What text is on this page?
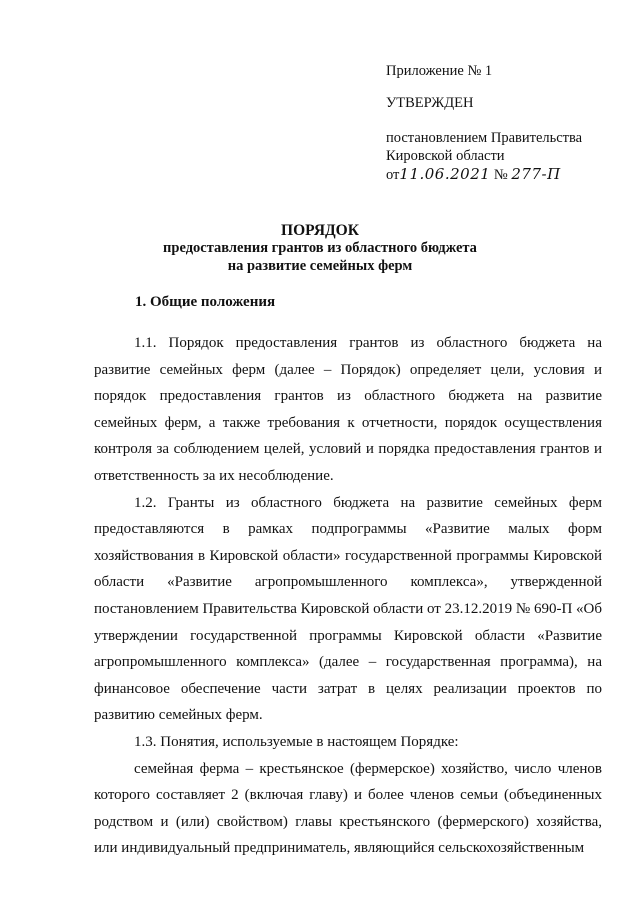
Приложение № 1
УТВЕРЖДЕН
постановлением Правительства
Кировской области
от11.06.2021 № 277-П
ПОРЯДОК
предоставления грантов из областного бюджета
на развитие семейных ферм
1. Общие положения

1.1. Порядок предоставления грантов из областного бюджета на развитие семейных ферм (далее – Порядок) определяет цели, условия и порядок предоставления грантов из областного бюджета на развитие семейных ферм, а также требования к отчетности, порядок осуществления контроля за соблюдением целей, условий и порядка предоставления грантов и ответственность за их несоблюдение.

1.2. Гранты из областного бюджета на развитие семейных ферм предоставляются в рамках подпрограммы «Развитие малых форм хозяйствования в Кировской области» государственной программы Кировской области «Развитие агропромышленного комплекса», утвержденной постановлением Правительства Кировской области от 23.12.2019 № 690-П «Об утверждении государственной программы Кировской области «Развитие агропромышленного комплекса» (далее – государственная программа), на финансовое обеспечение части затрат в целях реализации проектов по развитию семейных ферм.

1.3. Понятия, используемые в настоящем Порядке:

семейная ферма – крестьянское (фермерское) хозяйство, число членов которого составляет 2 (включая главу) и более членов семьи (объединенных родством и (или) свойством) главы крестьянского (фермерского) хозяйства, или индивидуальный предприниматель, являющийся сельскохозяйственным
